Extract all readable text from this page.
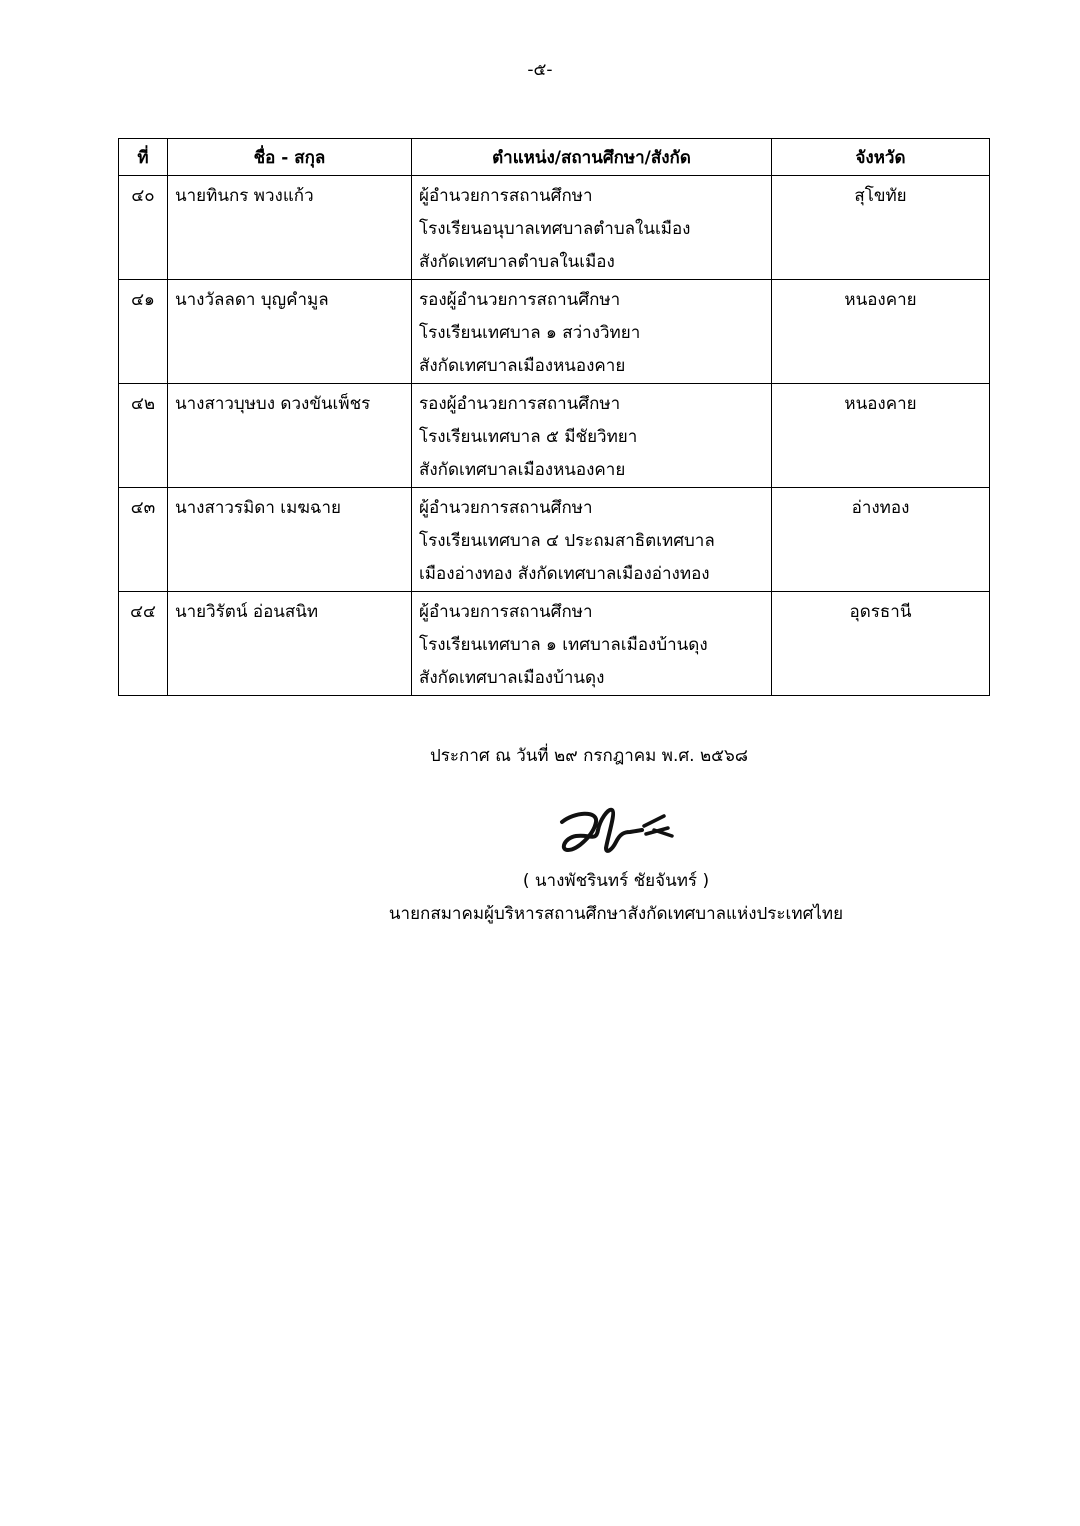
-๕-
ที่	ชื่อ - สกุล	ตำแหน่ง/สถานศึกษา/สังกัด	จังหวัด
๔๐	นายทินกร พวงแก้ว	ผู้อำนวยการสถานศึกษา
โรงเรียนอนุบาลเทศบาลตำบลในเมือง
สังกัดเทศบาลตำบลในเมือง	สุโขทัย
๔๑	นางวัลลดา บุญคำมูล	รองผู้อำนวยการสถานศึกษา
โรงเรียนเทศบาล ๑ สว่างวิทยา
สังกัดเทศบาลเมืองหนองคาย	หนองคาย
๔๒	นางสาวบุษบง ดวงขันเพ็ชร	รองผู้อำนวยการสถานศึกษา
โรงเรียนเทศบาล ๕ มีชัยวิทยา
สังกัดเทศบาลเมืองหนองคาย	หนองคาย
๔๓	นางสาวรมิดา เมฆฉาย	ผู้อำนวยการสถานศึกษา
โรงเรียนเทศบาล ๔ ประถมสาธิตเทศบาล
เมืองอ่างทอง สังกัดเทศบาลเมืองอ่างทอง	อ่างทอง
๔๔	นายวิรัตน์ อ่อนสนิท	ผู้อำนวยการสถานศึกษา
โรงเรียนเทศบาล ๑ เทศบาลเมืองบ้านดุง
สังกัดเทศบาลเมืองบ้านดุง	อุดรธานี
ประกาศ ณ วันที่ ๒๙ กรกฎาคม พ.ศ. ๒๕๖๘
( นางพัชรินทร์ ชัยจันทร์ )
นายกสมาคมผู้บริหารสถานศึกษาสังกัดเทศบาลแห่งประเทศไทย
